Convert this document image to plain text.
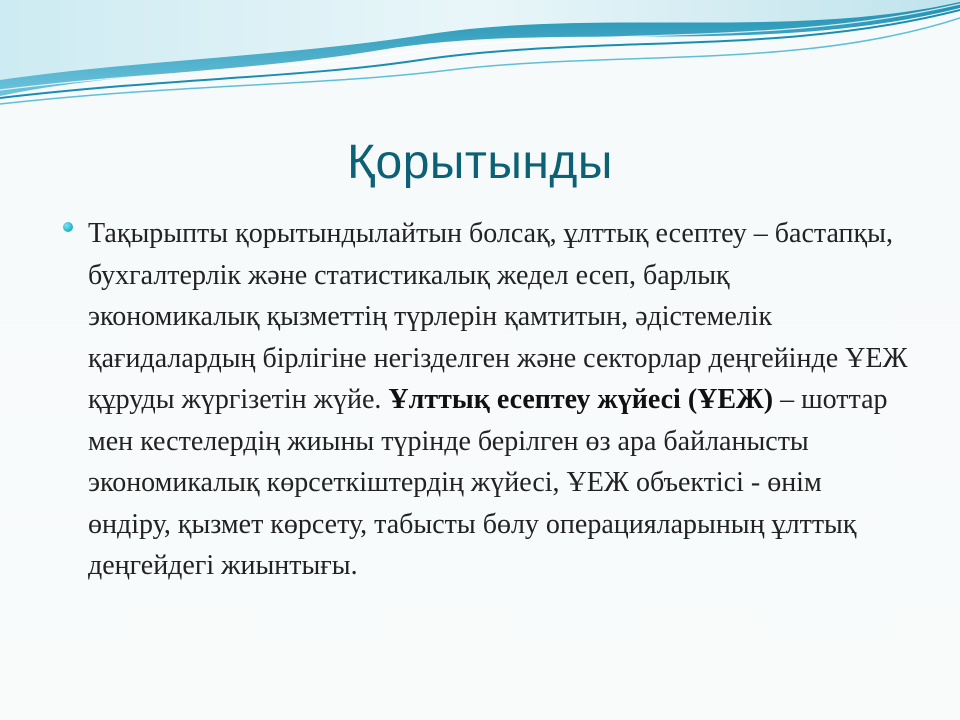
Қорытынды

Тақырыпты қорытындылайтын болсақ, ұлттық есептеу – бастапқы, бухгалтерлік және статистикалық жедел есеп, барлық экономикалық қызметтің түрлерін қамтитын, әдістемелік қағидалардың бірлігіне негізделген және секторлар деңгейінде ҰЕЖ құруды жүргізетін жүйе. Ұлттық есептеу жүйесі (ҰЕЖ) – шоттар мен кестелердің жиыны түрінде берілген өз ара байланысты экономикалық көрсеткіштердің жүйесі, ҰЕЖ объектісі - өнім өндіру, қызмет көрсету, табысты бөлу операцияларының ұлттық деңгейдегі жиынтығы.
